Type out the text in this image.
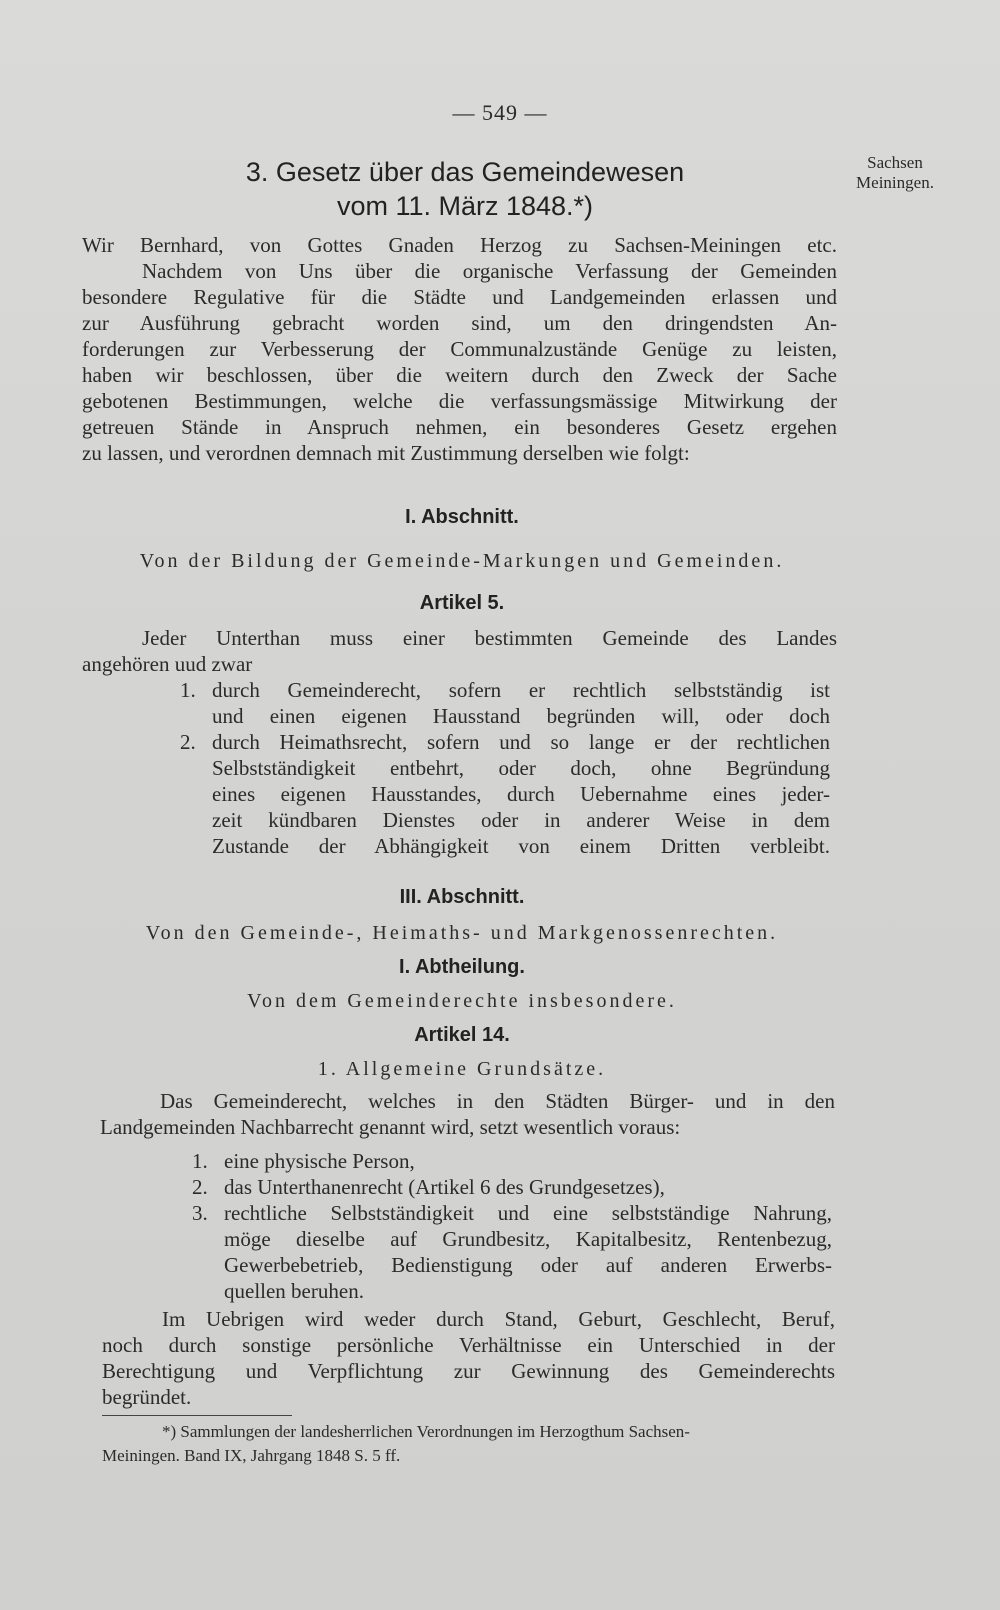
— 549 —
Sachsen
Meiningen.
3. Gesetz über das Gemeindewesen
vom 11. März 1848.*)
Wir Bernhard, von Gottes Gnaden Herzog zu Sachsen-Meiningen etc.
Nachdem von Uns über die organische Verfassung der Gemeinden
besondere Regulative für die Städte und Landgemeinden erlassen und
zur Ausführung gebracht worden sind, um den dringendsten An-
forderungen zur Verbesserung der Communalzustände Genüge zu leisten,
haben wir beschlossen, über die weitern durch den Zweck der Sache
gebotenen Bestimmungen, welche die verfassungsmässige Mitwirkung der
getreuen Stände in Anspruch nehmen, ein besonderes Gesetz ergehen
zu lassen, und verordnen demnach mit Zustimmung derselben wie folgt:
I. Abschnitt.
Von der Bildung der Gemeinde-Markungen und Gemeinden.
Artikel 5.
Jeder Unterthan muss einer bestimmten Gemeinde des Landes
angehören uud zwar
1. durch Gemeinderecht, sofern er rechtlich selbstständig ist
und einen eigenen Hausstand begründen will, oder doch
2. durch Heimathsrecht, sofern und so lange er der rechtlichen
Selbstständigkeit entbehrt, oder doch, ohne Begründung
eines eigenen Hausstandes, durch Uebernahme eines jeder-
zeit kündbaren Dienstes oder in anderer Weise in dem
Zustande der Abhängigkeit von einem Dritten verbleibt.
III. Abschnitt.
Von den Gemeinde-, Heimaths- und Markgenossenrechten.
I. Abtheilung.
Von dem Gemeinderechte insbesondere.
Artikel 14.
1. Allgemeine Grundsätze.
Das Gemeinderecht, welches in den Städten Bürger- und in den
Landgemeinden Nachbarrecht genannt wird, setzt wesentlich voraus:
1. eine physische Person,
2. das Unterthanenrecht (Artikel 6 des Grundgesetzes),
3. rechtliche Selbstständigkeit und eine selbstständige Nahrung,
möge dieselbe auf Grundbesitz, Kapitalbesitz, Rentenbezug,
Gewerbebetrieb, Bedienstigung oder auf anderen Erwerbs-
quellen beruhen.
Im Uebrigen wird weder durch Stand, Geburt, Geschlecht, Beruf,
noch durch sonstige persönliche Verhältnisse ein Unterschied in der
Berechtigung und Verpflichtung zur Gewinnung des Gemeinderechts
begründet.
*) Sammlungen der landesherrlichen Verordnungen im Herzogthum Sachsen-
Meiningen. Band IX, Jahrgang 1848 S. 5 ff.
